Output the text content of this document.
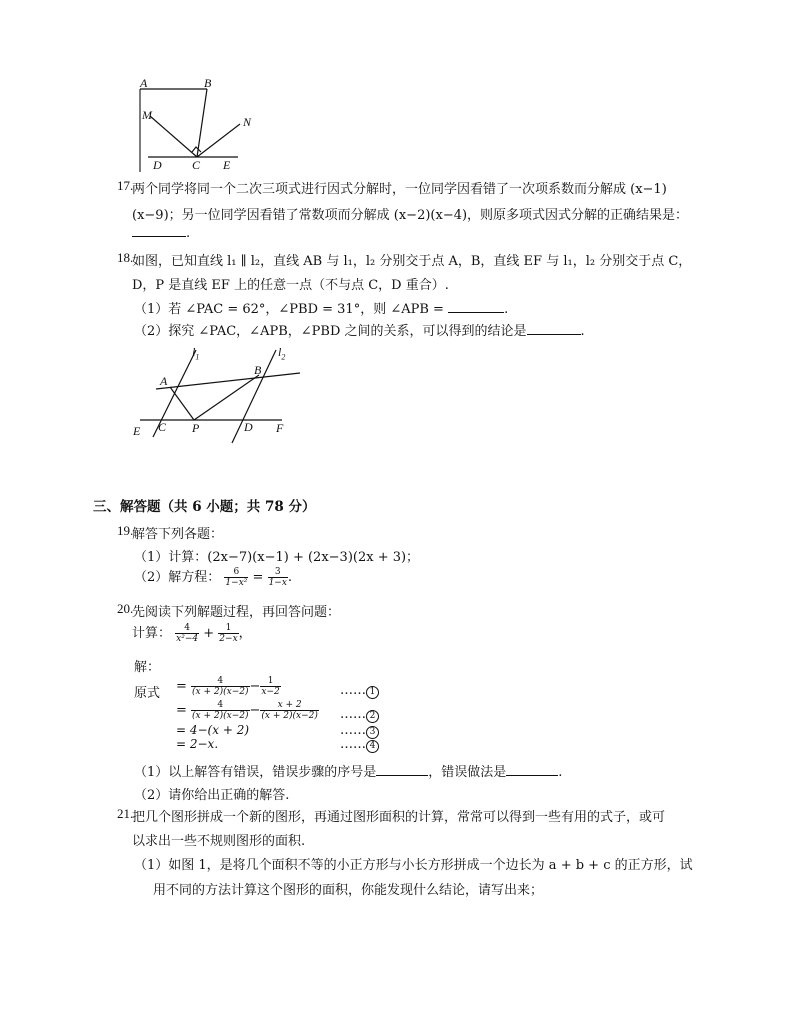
A	B
M	N
D	C E
17.
两个同学将同一个二次三项式进行因式分解时，一位同学因看错了一次项系数而分解成 (x−1)
(x−9)；另一位同学因看错了常数项而分解成 (x−2)(x−4)，则原多项式因式分解的正确结果是：
.
18.
如图，已知直线 l₁ ∥ l₂，直线 AB 与 l₁，l₂ 分别交于点 A，B，直线 EF 与 l₁，l₂ 分别交于点 C，
D，P 是直线 EF 上的任意一点（不与点 C，D 重合）.
（1）若 ∠PAC = 62°，∠PBD = 31°，则 ∠APB =	.
（2）探究 ∠PAC，∠APB，∠PBD 之间的关系，可以得到的结论是	.
$l_1$	$l_2$
A
B
E C P	D F
三、解答题（共 6 小题；共 78 分）
19.
解答下列各题：
（1）计算：(2x−7)(x−1) + (2x−3)(2x + 3)；
（2）解方程： $\frac{6}{\text{1−x²}} = \frac{3}{1-x}$ .
20.
先阅读下列解题过程，再回答问题：
计算： $\frac{4}{\text{x²−4}} + \frac{1}{2-x}$ ，
解：
原式 = $\frac{4}{(x + 2)(x-2)} - \frac{1}{x-2}$	…… 1
= $\frac{4}{(x + 2)(x-2)} - \frac{x + 2}{(x + 2)(x-2)}$ …… 2
= 4−(x + 2)	…… 3
= 2−x.	…… 4
（1）以上解答有错误，错误步骤的序号是	，错误做法是	.
（2）请你给出正确的解答.
21.
把几个图形拼成一个新的图形，再通过图形面积的计算，常常可以得到一些有用的式子，或可
以求出一些不规则图形的面积.
（1）如图 1，是将几个面积不等的小正方形与小长方形拼成一个边长为 a + b + c 的正方形，试
用不同的方法计算这个图形的面积，你能发现什么结论，请写出来；
